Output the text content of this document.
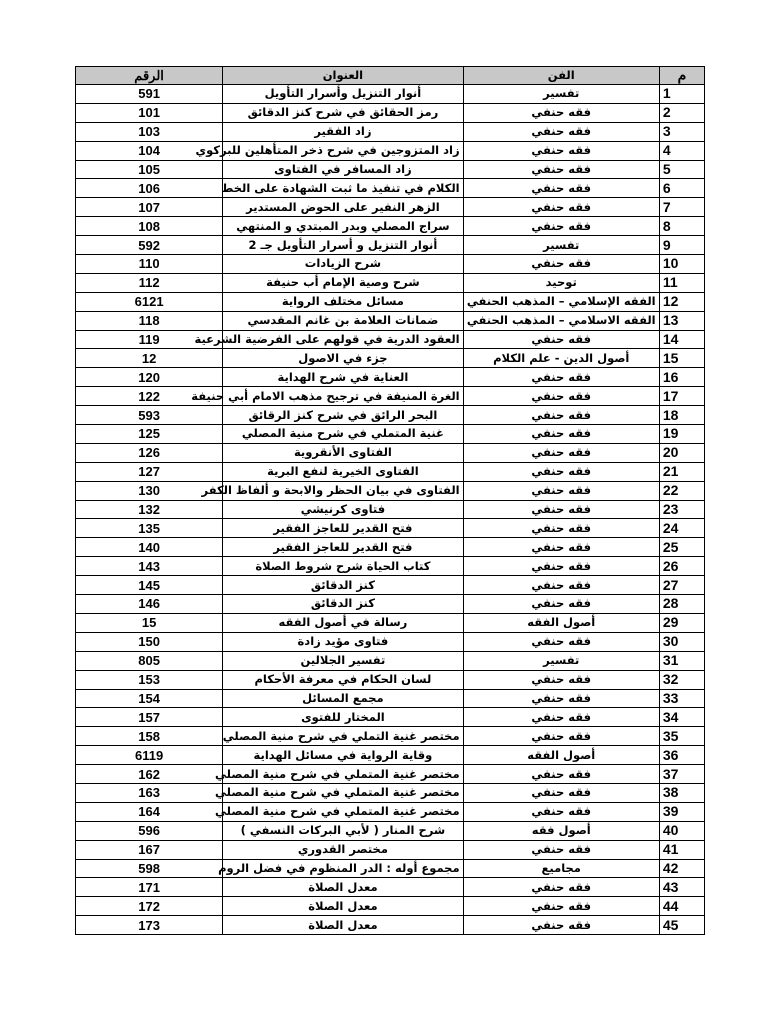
الرقم	العنوان	الفن	م
591	أنوار التنزيل وأسرار التأويل	تفسير	1
101	رمز الحقائق في شرح كنز الدقائق	فقه حنفي	2
103	زاد الفقير	فقه حنفي	3
104	زاد المتزوجين في شرح ذخر المتأهلين للبركوي	فقه حنفي	4
105	زاد المسافر في الفتاوى	فقه حنفي	5
106	الكلام في تنفيذ ما ثبت الشهادة على الخط	فقه حنفي	6
107	الزهر النفير على الحوض المستدير	فقه حنفي	7
108	سراج المصلي وبدر المبتدي و المنتهي	فقه حنفي	8
592	أنوار التنزيل و أسرار التأويل جـ 2	تفسير	9
110	شرح الزيادات	فقه حنفي	10
112	شرح وصية الإمام أب حنيفة	توحيد	11
6121	مسائل مختلف الرواية	الفقه الإسلامي – المذهب الحنفي	12
118	ضمانات العلامة بن غانم المقدسي	الفقه الاسلامي – المذهب الحنفي	13
119	العقود الدرية في قولهم على الفرضية الشرعية	فقه حنفي	14
12	جزء في الاصول	أصول الدين - علم الكلام	15
120	العناية في شرح الهداية	فقه حنفي	16
122	الغرة المنيفة في ترجيح مذهب الامام أبي حنيفة	فقه حنفي	17
593	البحر الرائق في شرح كنز الرقائق	فقه حنفي	18
125	غنية المتملي في شرح منية المصلي	فقه حنفي	19
126	الفتاوى الأنقروية	فقه حنفي	20
127	الفتاوى الخيرية لنفع البرية	فقه حنفي	21
130	الفتاوى في بيان الحظر والابحة و ألفاظ الكفر	فقه حنفي	22
132	فتاوى كرنيشي	فقه حنفي	23
135	فتح القدير للعاجز الفقير	فقه حنفي	24
140	فتح القدير للعاجز الفقير	فقه حنفي	25
143	كتاب الحياة شرح شروط الصلاة	فقه حنفي	26
145	كنز الدقائق	فقه حنفي	27
146	كنز الدقائق	فقه حنفي	28
15	رسالة في أصول الفقه	أصول الفقه	29
150	فتاوى مؤيد زادة	فقه حنفي	30
805	تفسير الجلالين	تفسير	31
153	لسان الحكام في معرفة الأحكام	فقه حنفي	32
154	مجمع المسائل	فقه حنفي	33
157	المختار للفتوى	فقه حنفي	34
158	مختصر غنية التملي في شرح منية المصلي	فقه حنفي	35
6119	وقاية الرواية في مسائل الهداية	أصول الفقه	36
162	مختصر غنية المتملي في شرح منية المصلي	فقه حنفي	37
163	مختصر غنية المتملي في شرح منية المصلي	فقه حنفي	38
164	مختصر غنية المتملي في شرح منية المصلي	فقه حنفي	39
596	شرح المنار ( لأبي البركات النسفي )	أصول فقه	40
167	مختصر القدوري	فقه حنفي	41
598	مجموع أوله : الدر المنظوم في فضل الروم	مجاميع	42
171	معدل الصلاة	فقه حنفي	43
172	معدل الصلاة	فقه حنفي	44
173	معدل الصلاة	فقه حنفي	45
